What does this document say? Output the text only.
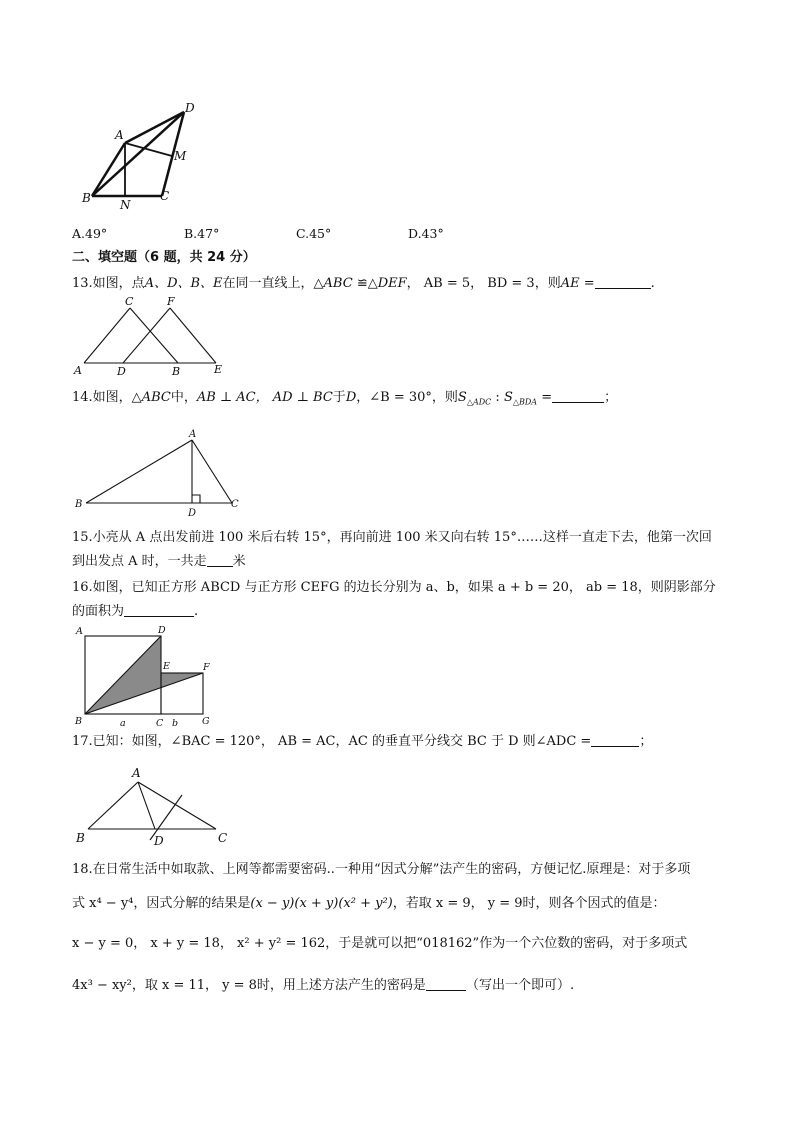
A
D
M
B N
C
A.49°	B.47°	C.45°	D.43°
二、填空题（6 题，共 24 分）
13.如图，点A、D、B、E在同一直线上，△ABC ≌△DEF， AB = 5， BD = 3，则AE =	.
C	F
A	D	B	E
14.如图，△ABC中，AB ⊥ AC， AD ⊥ BC于D，∠B = 30°，则$S_{\triangle ADC}$ : $S_{\triangle BDA}$ =	；
A
B
D
C
15.小亮从 A 点出发前进 100 米后右转 15°，再向前进 100 米又向右转 15°……这样一直走下去，他第一次回
到出发点 A 时，一共走 米
16.如图，已知正方形 ABCD 与正方形 CEFG 的边长分别为 a、b，如果 a + b = 20， ab = 18，则阴影部分
的面积为	.
A	D
E	F
B	a	C b	G
17.已知：如图，∠BAC = 120°， AB = AC，AC 的垂直平分线交 BC 于 D 则∠ADC =	；
A
B	D	C
18.在日常生活中如取款、上网等都需要密码..一种用“因式分解”法产生的密码，方便记忆.原理是：对于多项
式 x⁴ − y⁴，因式分解的结果是(x − y)(x + y)(x² + y²)，若取 x = 9， y = 9时，则各个因式的值是：
x − y = 0， x + y = 18， x² + y² = 162，于是就可以把“018162”作为一个六位数的密码，对于多项式
4x³ − xy²，取 x = 11， y = 8时，用上述方法产生的密码是	（写出一个即可）.
